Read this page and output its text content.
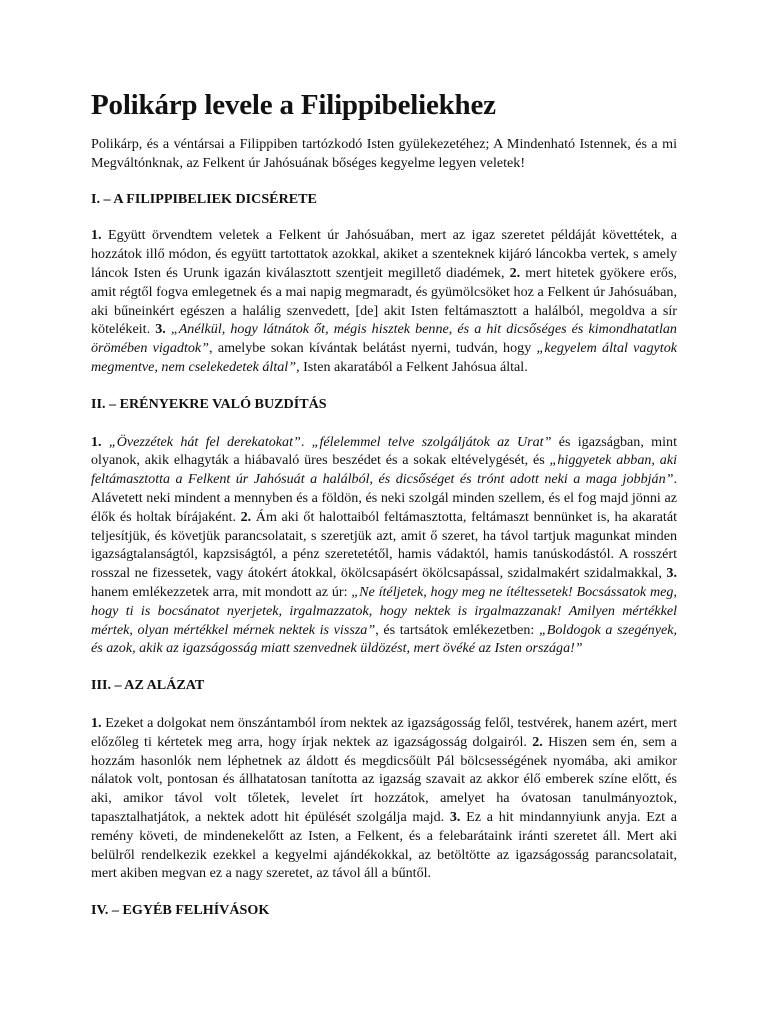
Polikárp levele a Filippibeliekhez

Polikárp, és a véntársai a Filippiben tartózkodó Isten gyülekezetéhez; A Mindenható Istennek, és a mi Megváltónknak, az Felkent úr Jahósuának bőséges kegyelme legyen veletek!

I. – A FILIPPIBELIEK DICSÉRETE

1. Együtt örvendtem veletek a Felkent úr Jahósuában, mert az igaz szeretet példáját követtétek, a hozzátok illő módon, és együtt tartottatok azokkal, akiket a szenteknek kijáró láncokba vertek, s amely láncok Isten és Urunk igazán kiválasztott szentjeit megillető diadémek, 2. mert hitetek gyökere erős, amit régtől fogva emlegetnek és a mai napig megmaradt, és gyümölcsöket hoz a Felkent úr Jahósuában, aki bűneinkért egészen a halálig szenvedett, [de] akit Isten feltámasztott a halálból, megoldva a sír kötelékeit. 3. „Anélkül, hogy látnátok őt, mégis hisztek benne, és a hit dicsőséges és kimondhatatlan örömében vigadtok”, amelybe sokan kívántak belátást nyerni, tudván, hogy „kegyelem által vagytok megmentve, nem cselekedetek által”, Isten akaratából a Felkent Jahósua által.

II. – ERÉNYEKRE VALÓ BUZDÍTÁS

1. „Övezzétek hát fel derekatokat”. „félelemmel telve szolgáljátok az Urat” és igazságban, mint olyanok, akik elhagyták a hiábavaló üres beszédet és a sokak eltévelygését, és „higgyetek abban, aki feltámasztotta a Felkent úr Jahósuát a halálból, és dicsőséget és trónt adott neki a maga jobbján”. Alávetett neki mindent a mennyben és a földön, és neki szolgál minden szellem, és el fog majd jönni az élők és holtak bírájaként. 2. Ám aki őt halottaiból feltámasztotta, feltámaszt bennünket is, ha akaratát teljesítjük, és követjük parancsolatait, s szeretjük azt, amit ő szeret, ha távol tartjuk magunkat minden igazságtalanságtól, kapzsiságtól, a pénz szeretetétől, hamis vádaktól, hamis tanúskodástól. A rosszért rosszal ne fizessetek, vagy átokért átokkal, ökölcsapásért ökölcsapással, szidalmakért szidalmakkal, 3. hanem emlékezzetek arra, mit mondott az úr: „Ne ítéljetek, hogy meg ne ítéltessetek! Bocsássatok meg, hogy ti is bocsánatot nyerjetek, irgalmazzatok, hogy nektek is irgalmazzanak! Amilyen mértékkel mértek, olyan mértékkel mérnek nektek is vissza”, és tartsátok emlékezetben: „Boldogok a szegények, és azok, akik az igazságosság miatt szenvednek üldözést, mert övéké az Isten országa!”

III. – AZ ALÁZAT

1. Ezeket a dolgokat nem önszántamból írom nektek az igazságosság felől, testvérek, hanem azért, mert előzőleg ti kértetek meg arra, hogy írjak nektek az igazságosság dolgairól. 2. Hiszen sem én, sem a hozzám hasonlók nem léphetnek az áldott és megdicsőült Pál bölcsességének nyomába, aki amikor nálatok volt, pontosan és állhatatosan tanította az igazság szavait az akkor élő emberek színe előtt, és aki, amikor távol volt tőletek, levelet írt hozzátok, amelyet ha óvatosan tanulmányoztok, tapasztalhatjátok, a nektek adott hit épülését szolgálja majd. 3. Ez a hit mindannyiunk anyja. Ezt a remény követi, de mindenekelőtt az Isten, a Felkent, és a felebarátaink iránti szeretet áll. Mert aki belülről rendelkezik ezekkel a kegyelmi ajándékokkal, az betöltötte az igazságosság parancsolatait, mert akiben megvan ez a nagy szeretet, az távol áll a bűntől.

IV. – EGYÉB FELHÍVÁSOK
